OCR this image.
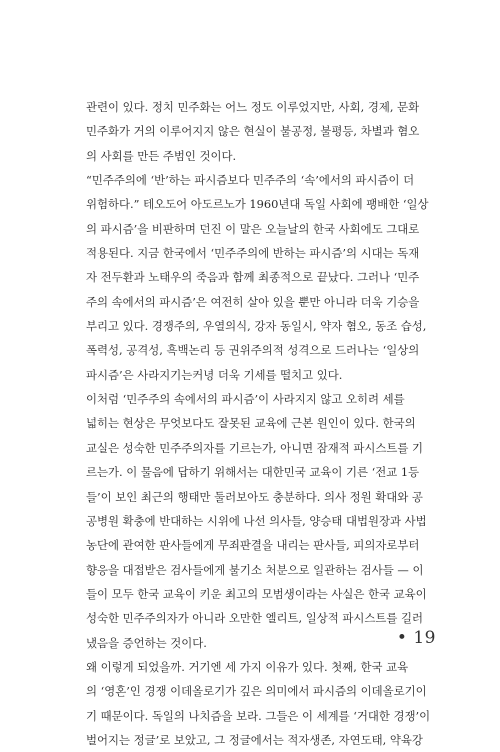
관련이 있다. 정치 민주화는 어느 정도 이루었지만, 사회, 경제, 문화
민주화가 거의 이루어지지 않은 현실이 불공정, 불평등, 차별과 혐오
의 사회를 만든 주범인 것이다.
“민주주의에 ‘반’하는 파시즘보다 민주주의 ‘속’에서의 파시즘이 더
위험하다.” 테오도어 아도르노가 1960년대 독일 사회에 팽배한 ‘일상
의 파시즘’을 비판하며 던진 이 말은 오늘날의 한국 사회에도 그대로
적용된다. 지금 한국에서 ‘민주주의에 반하는 파시즘’의 시대는 독재
자 전두환과 노태우의 죽음과 함께 최종적으로 끝났다. 그러나 ‘민주
주의 속에서의 파시즘’은 여전히 살아 있을 뿐만 아니라 더욱 기승을
부리고 있다. 경쟁주의, 우열의식, 강자 동일시, 약자 혐오, 동조 습성,
폭력성, 공격성, 흑백논리 등 권위주의적 성격으로 드러나는 ‘일상의
파시즘’은 사라지기는커녕 더욱 기세를 떨치고 있다.
이처럼 ‘민주주의 속에서의 파시즘’이 사라지지 않고 오히려 세를
넓히는 현상은 무엇보다도 잘못된 교육에 근본 원인이 있다. 한국의
교실은 성숙한 민주주의자를 기르는가, 아니면 잠재적 파시스트를 기
르는가. 이 물음에 답하기 위해서는 대한민국 교육이 기른 ‘전교 1등
들’이 보인 최근의 행태만 둘러보아도 충분하다. 의사 정원 확대와 공
공병원 확충에 반대하는 시위에 나선 의사들, 양승태 대법원장과 사법
농단에 관여한 판사들에게 무죄판결을 내리는 판사들, 피의자로부터
향응을 대접받은 검사들에게 불기소 처분으로 일관하는 검사들 — 이
들이 모두 한국 교육이 키운 최고의 모범생이라는 사실은 한국 교육이
성숙한 민주주의자가 아니라 오만한 엘리트, 일상적 파시스트를 길러
냈음을 증언하는 것이다.
왜 이렇게 되었을까. 거기엔 세 가지 이유가 있다. 첫째, 한국 교육
의 ‘영혼’인 경쟁 이데올로기가 깊은 의미에서 파시즘의 이데올로기이
기 때문이다. 독일의 나치즘을 보라. 그들은 이 세계를 ‘거대한 경쟁’이
벌어지는 정글’로 보았고, 그 정글에서는 적자생존, 자연도태, 약육강
• 19
